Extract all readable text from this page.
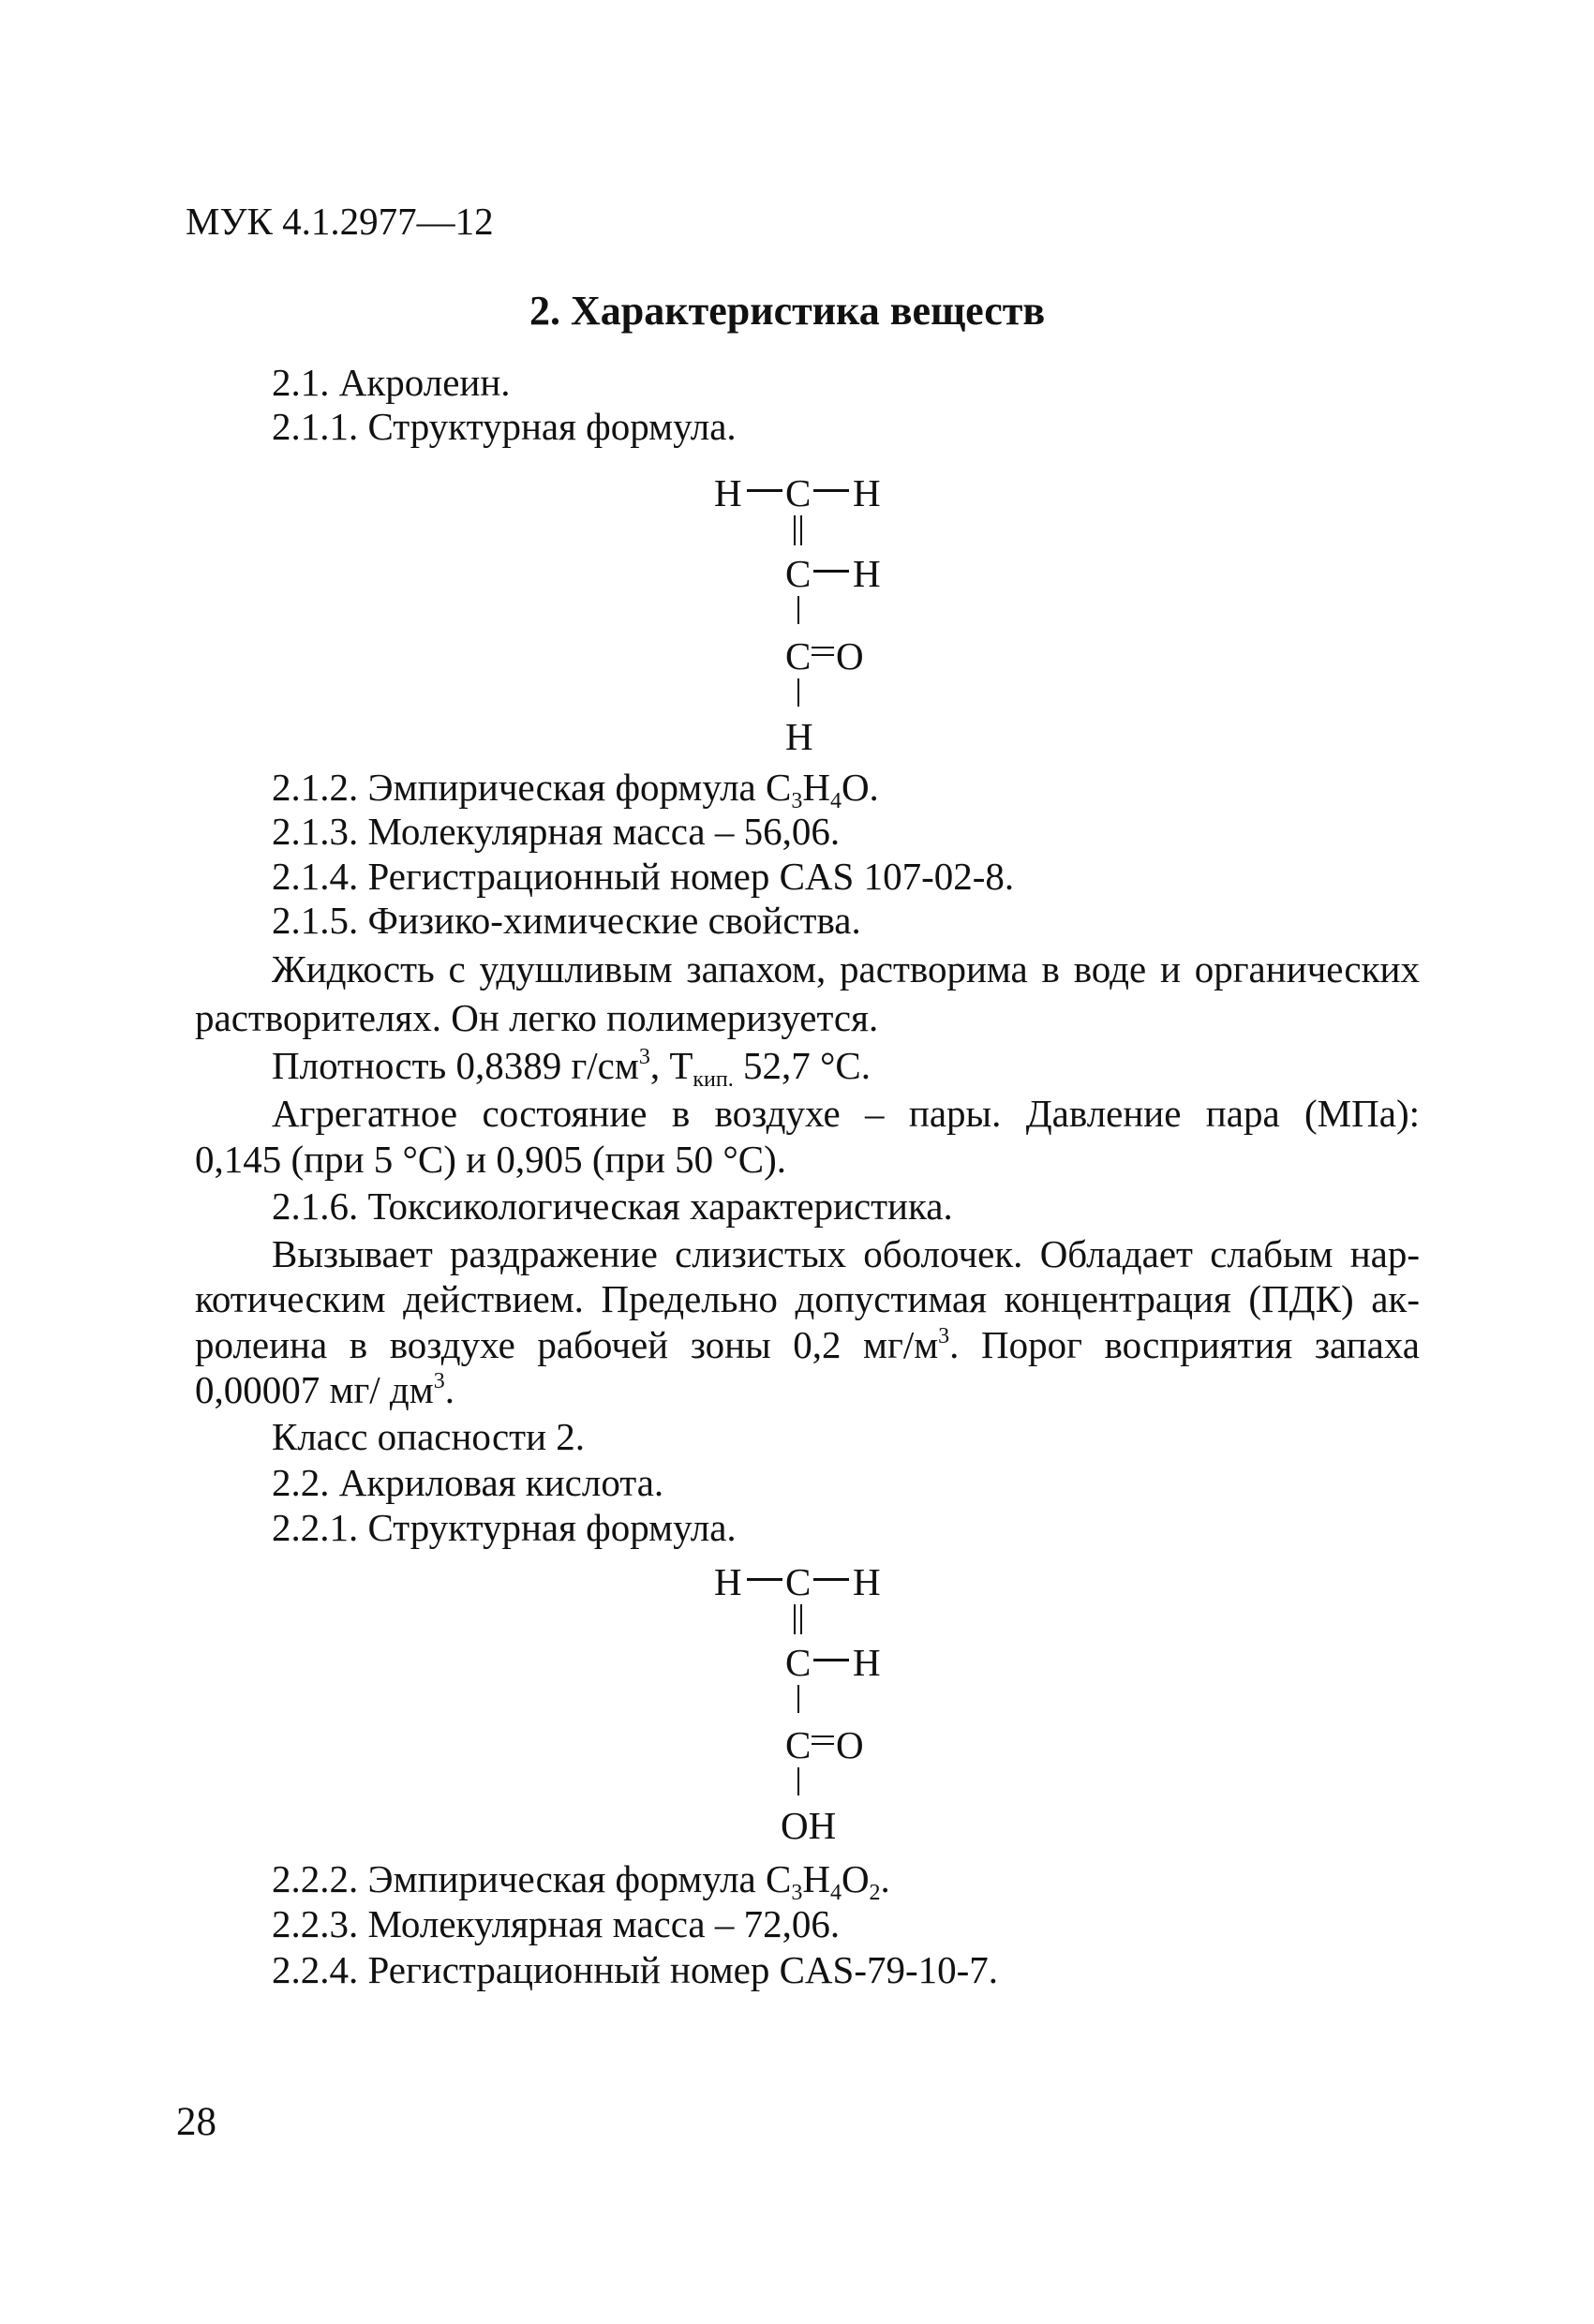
МУК 4.1.2977—12
2. Характеристика веществ
2.1. Акролеин.
2.1.1. Структурная формула.
H C H
C H
C O
H
2.1.2. Эмпирическая формула $C_3H_4O$.
2.1.3. Молекулярная масса – 56,06.
2.1.4. Регистрационный номер CAS 107-02-8.
2.1.5. Физико-химические свойства.
Жидкость с удушливым запахом, растворима в воде и органических
растворителях. Он легко полимеризуется.
Плотность 0,8389 $г/см^3$, $Т_{кип.}$ 52,7 °С.
Агрегатное состояние в воздухе – пары. Давление пара (МПа):
0,145 (при 5 °С) и 0,905 (при 50 °С).
2.1.6. Токсикологическая характеристика.
Вызывает раздражение слизистых оболочек. Обладает слабым нар-
котическим действием. Предельно допустимая концентрация (ПДК) ак-
ролеина в воздухе рабочей зоны 0,2 $мг/м^3$. Порог восприятия запаха
0,00007 мг/ $дм^3$.
Класс опасности 2.
2.2. Акриловая кислота.
2.2.1. Структурная формула.
H C H
C H
C O
OH
2.2.2. Эмпирическая формула $C_3H_4O_2$.
2.2.3. Молекулярная масса – 72,06.
2.2.4. Регистрационный номер CAS-79-10-7.
28
